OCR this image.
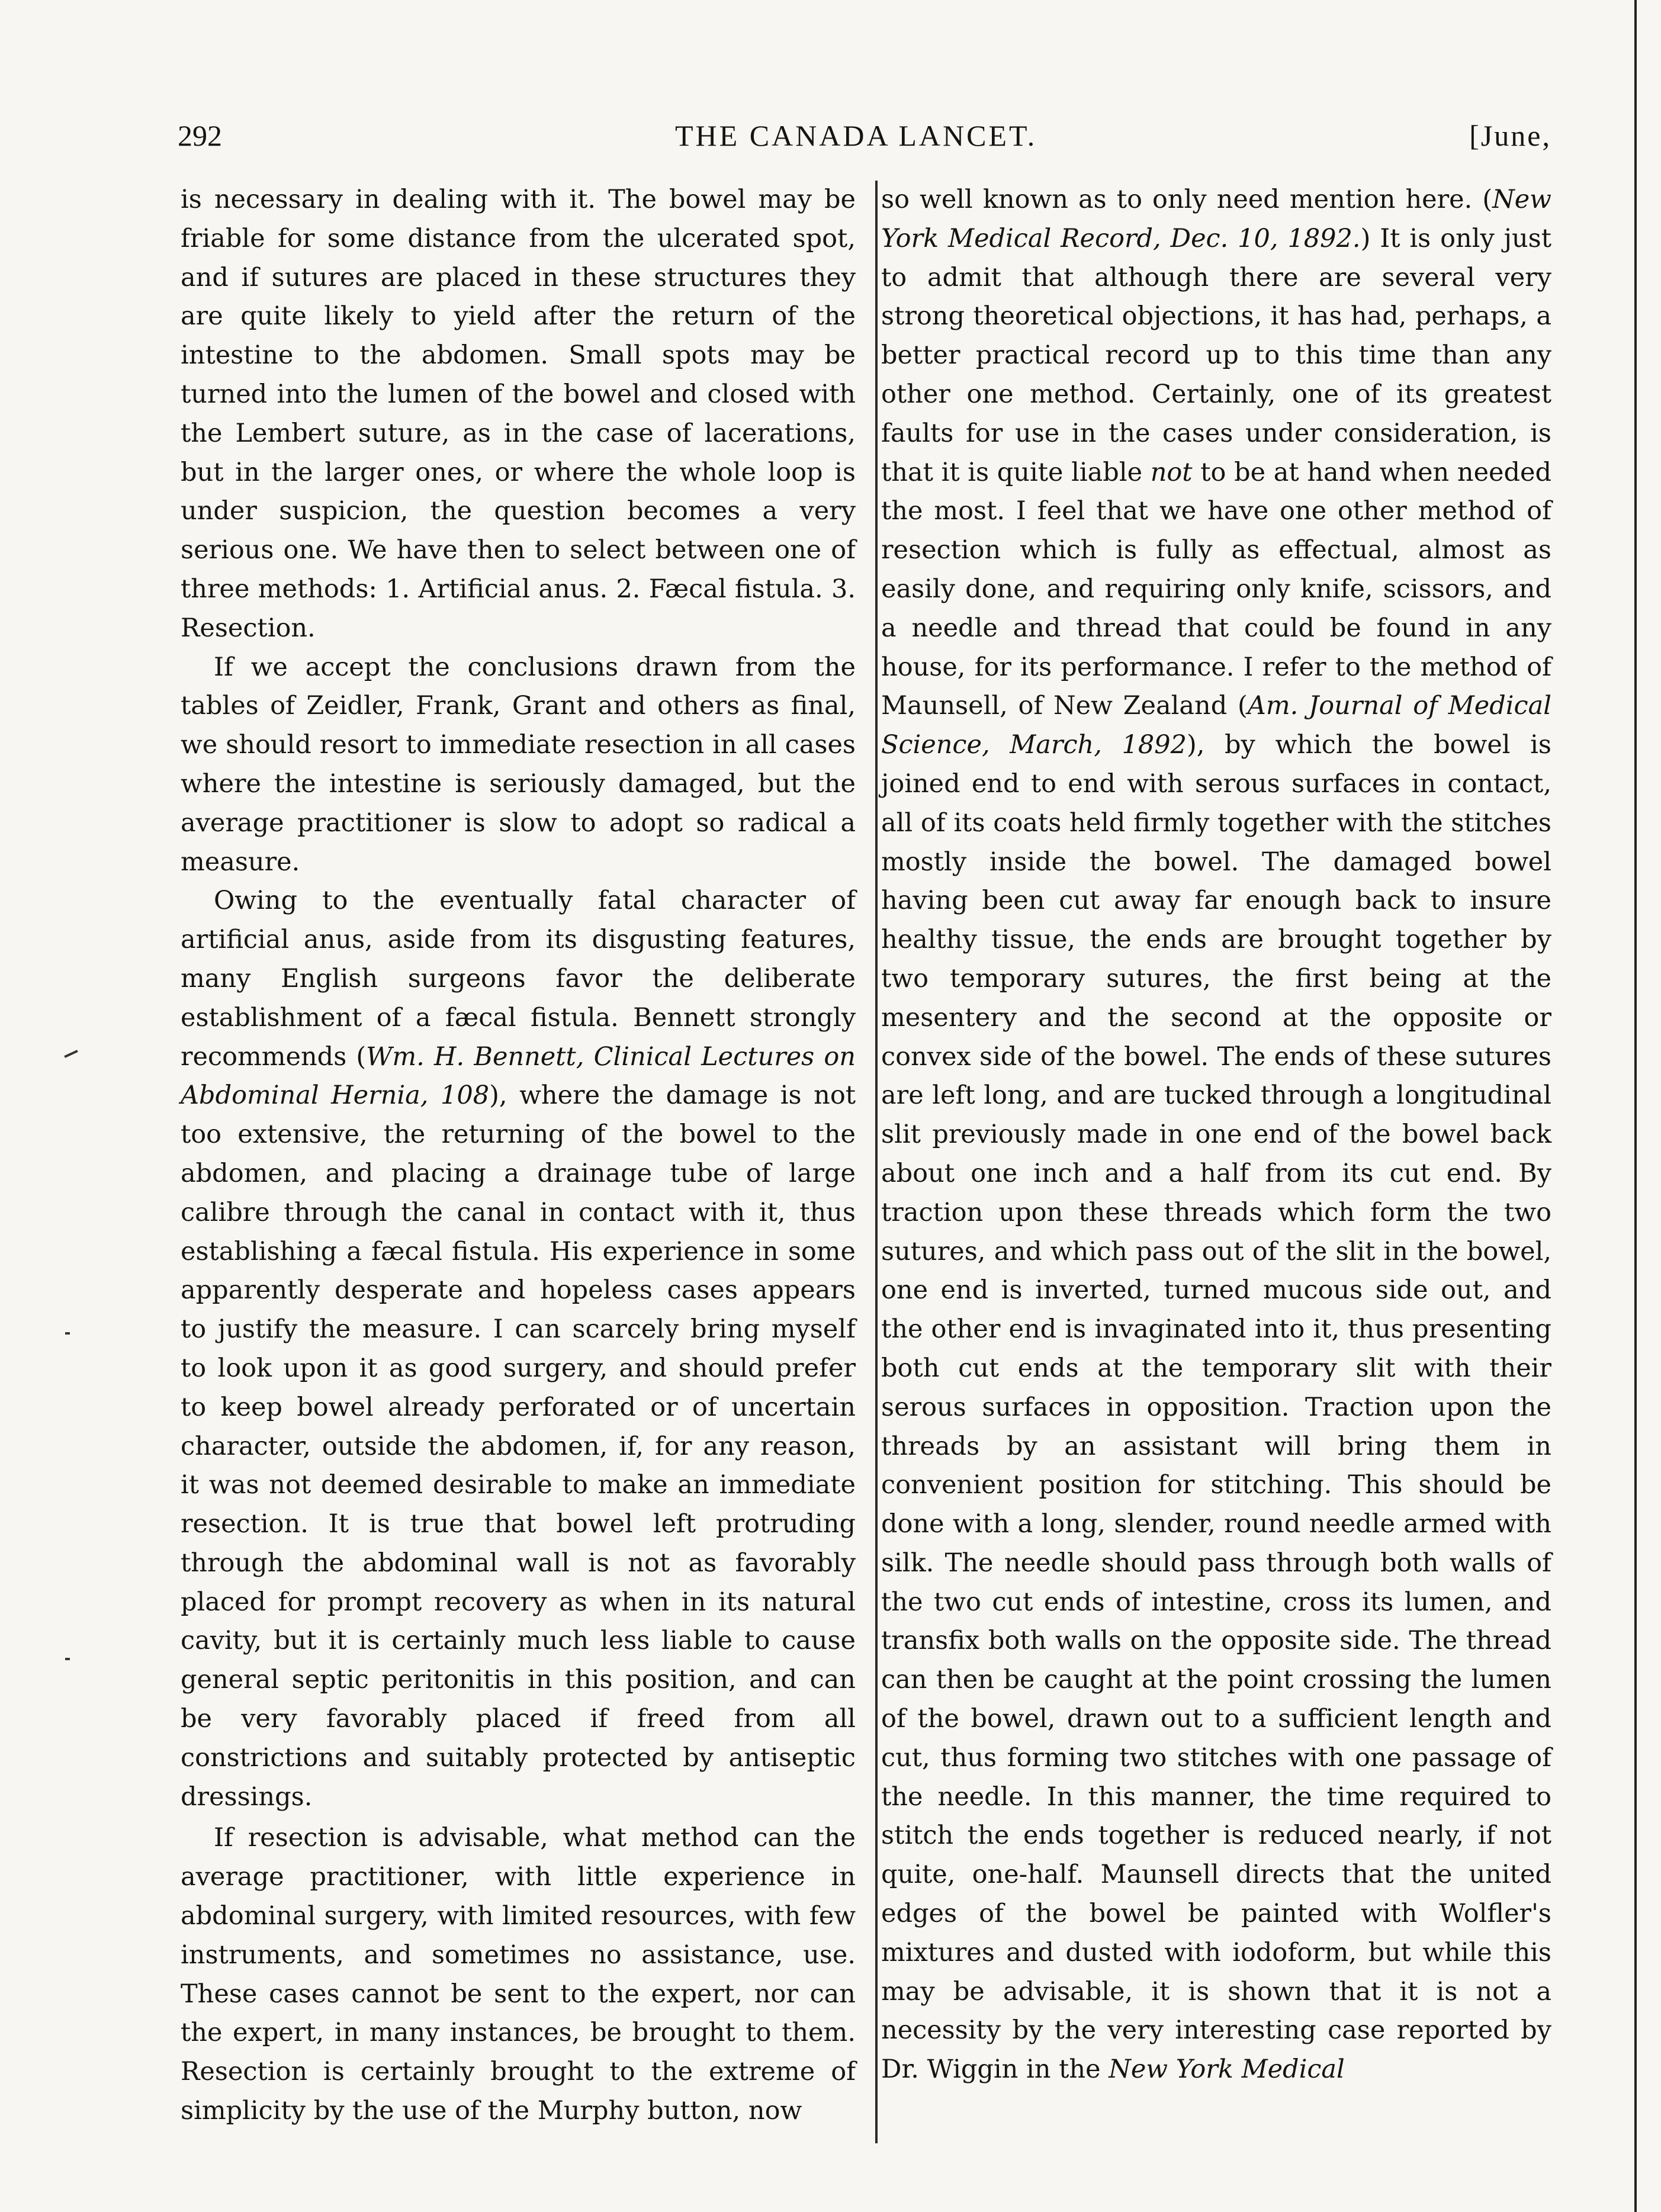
292	THE CANADA LANCET.	[June,

is necessary in dealing with it. The bowel may be friable for some distance from the ulcerated spot, and if sutures are placed in these structures they are quite likely to yield after the return of the intestine to the abdomen. Small spots may be turned into the lumen of the bowel and closed with the Lembert suture, as in the case of lacerations, but in the larger ones, or where the whole loop is under suspicion, the question becomes a very serious one. We have then to select between one of three methods: 1. Artificial anus. 2. Fæcal fistula. 3. Resection.

If we accept the conclusions drawn from the tables of Zeidler, Frank, Grant and others as final, we should resort to immediate resection in all cases where the intestine is seriously damaged, but the average practitioner is slow to adopt so radical a measure.

Owing to the eventually fatal character of artificial anus, aside from its disgusting features, many English surgeons favor the deliberate establishment of a fæcal fistula. Bennett strongly recommends (Wm. H. Bennett, Clinical Lectures on Abdominal Hernia, 108), where the damage is not too extensive, the returning of the bowel to the abdomen, and placing a drainage tube of large calibre through the canal in contact with it, thus establishing a fæcal fistula. His experience in some apparently desperate and hopeless cases appears to justify the measure. I can scarcely bring myself to look upon it as good surgery, and should prefer to keep bowel already perforated or of uncertain character, outside the abdomen, if, for any reason, it was not deemed desirable to make an immediate resection. It is true that bowel left protruding through the abdominal wall is not as favorably placed for prompt recovery as when in its natural cavity, but it is certainly much less liable to cause general septic peritonitis in this position, and can be very favorably placed if freed from all constrictions and suitably protected by antiseptic dressings.

If resection is advisable, what method can the average practitioner, with little experience in abdominal surgery, with limited resources, with few instruments, and sometimes no assistance, use. These cases cannot be sent to the expert, nor can the expert, in many instances, be brought to them. Resection is certainly brought to the extreme of simplicity by the use of the Murphy button, now

so well known as to only need mention here. (New York Medical Record, Dec. 10, 1892.) It is only just to admit that although there are several very strong theoretical objections, it has had, perhaps, a better practical record up to this time than any other one method. Certainly, one of its greatest faults for use in the cases under consideration, is that it is quite liable not to be at hand when needed the most. I feel that we have one other method of resection which is fully as effectual, almost as easily done, and requiring only knife, scissors, and a needle and thread that could be found in any house, for its performance. I refer to the method of Maunsell, of New Zealand (Am. Journal of Medical Science, March, 1892), by which the bowel is joined end to end with serous surfaces in contact, all of its coats held firmly together with the stitches mostly inside the bowel. The damaged bowel having been cut away far enough back to insure healthy tissue, the ends are brought together by two temporary sutures, the first being at the mesentery and the second at the opposite or convex side of the bowel. The ends of these sutures are left long, and are tucked through a longitudinal slit previously made in one end of the bowel back about one inch and a half from its cut end. By traction upon these threads which form the two sutures, and which pass out of the slit in the bowel, one end is inverted, turned mucous side out, and the other end is invaginated into it, thus presenting both cut ends at the temporary slit with their serous surfaces in opposition. Traction upon the threads by an assistant will bring them in convenient position for stitching. This should be done with a long, slender, round needle armed with silk. The needle should pass through both walls of the two cut ends of intestine, cross its lumen, and transfix both walls on the opposite side. The thread can then be caught at the point crossing the lumen of the bowel, drawn out to a sufficient length and cut, thus forming two stitches with one passage of the needle. In this manner, the time required to stitch the ends together is reduced nearly, if not quite, one-half. Maunsell directs that the united edges of the bowel be painted with Wolfler's mixtures and dusted with iodoform, but while this may be advisable, it is shown that it is not a necessity by the very interesting case reported by Dr. Wiggin in the New York Medical
